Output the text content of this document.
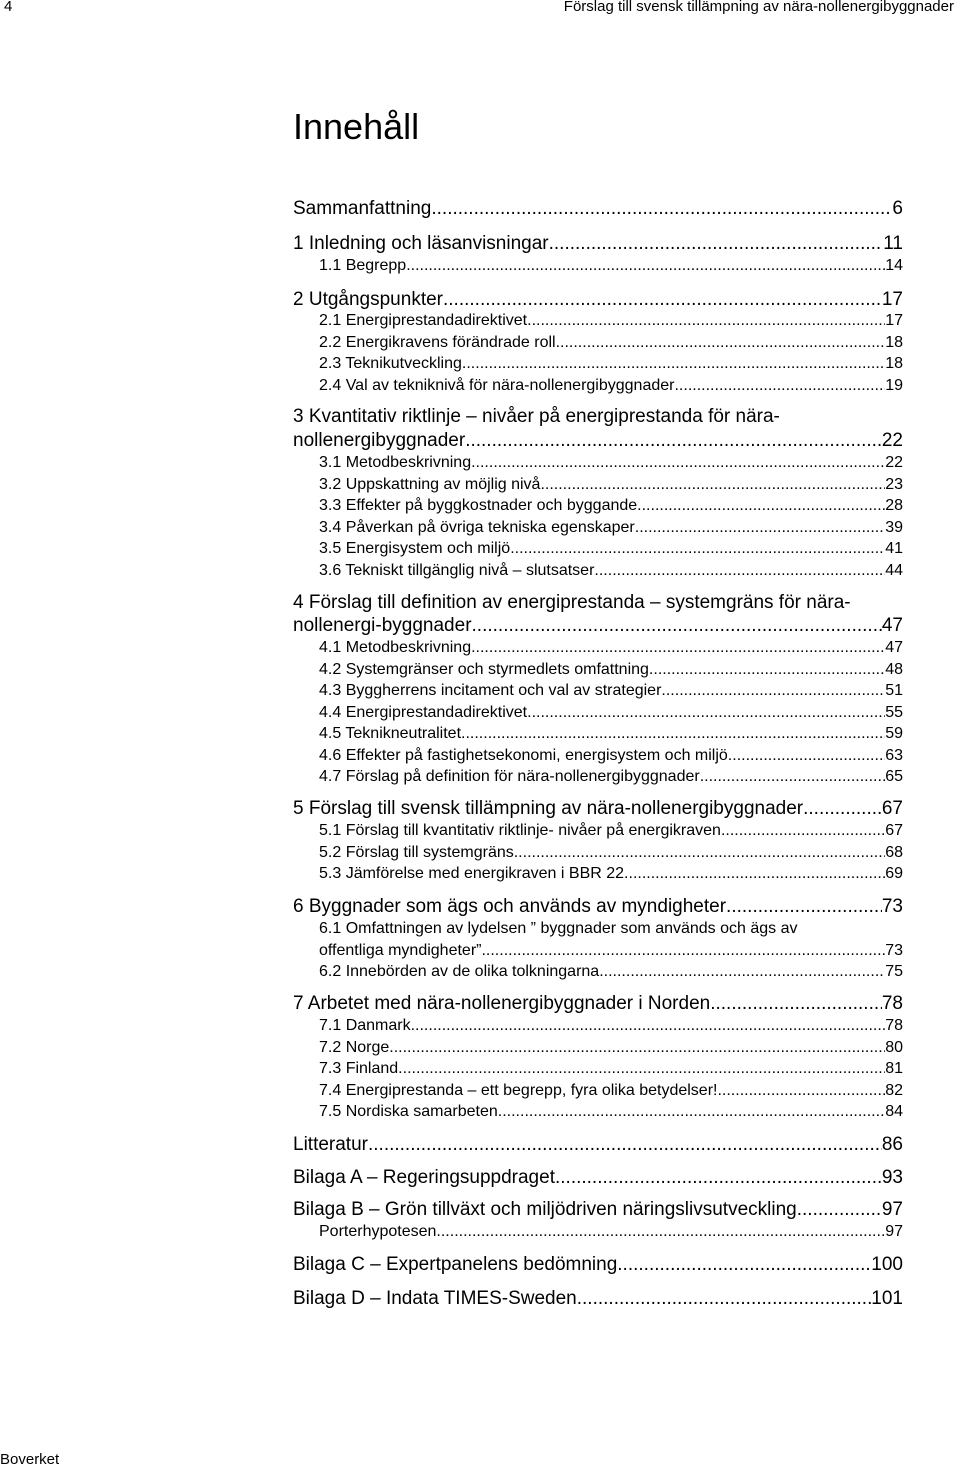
4	Förslag till svensk tillämpning av nära-nollenergibyggnader
Innehåll
Sammanfattning .....	6
1 Inledning och läsanvisningar .....	11
1.1 Begrepp .....	14
2 Utgångspunkter .....	17
2.1 Energiprestandadirektivet .....	17
2.2 Energikravens förändrade roll .....	18
2.3 Teknikutveckling .....	18
2.4 Val av tekniknivå för nära-nollenergibyggnader .....	19
3 Kvantitativ riktlinje – nivåer på energiprestanda för nära-
nollenergibyggnader .....	22
3.1 Metodbeskrivning .....	22
3.2 Uppskattning av möjlig nivå .....	23
3.3 Effekter på byggkostnader och byggande .....	28
3.4 Påverkan på övriga tekniska egenskaper .....	39
3.5 Energisystem och miljö .....	41
3.6 Tekniskt tillgänglig nivå – slutsatser .....	44
4 Förslag till definition av energiprestanda – systemgräns för nära-
nollenergi-byggnader .....	47
4.1 Metodbeskrivning .....	47
4.2 Systemgränser och styrmedlets omfattning .....	48
4.3 Byggherrens incitament och val av strategier .....	51
4.4 Energiprestandadirektivet .....	55
4.5 Teknikneutralitet .....	59
4.6 Effekter på fastighetsekonomi, energisystem och miljö .....	63
4.7 Förslag på definition för nära-nollenergibyggnader .....	65
5 Förslag till svensk tillämpning av nära-nollenergibyggnader .....	67
5.1 Förslag till kvantitativ riktlinje- nivåer på energikraven .....	67
5.2 Förslag till systemgräns .....	68
5.3 Jämförelse med energikraven i BBR 22 .....	69
6 Byggnader som ägs och används av myndigheter .....	73
6.1 Omfattningen av lydelsen ” byggnader som används och ägs av
offentliga myndigheter” .....	73
6.2 Innebörden av de olika tolkningarna .....	75
7 Arbetet med nära-nollenergibyggnader i Norden .....	78
7.1 Danmark .....	78
7.2 Norge .....	80
7.3 Finland .....	81
7.4 Energiprestanda – ett begrepp, fyra olika betydelser! .....	82
7.5 Nordiska samarbeten .....	84
Litteratur .....	86
Bilaga A – Regeringsuppdraget .....	93
Bilaga B – Grön tillväxt och miljödriven näringslivsutveckling .....	97
Porterhypotesen .....	97
Bilaga C – Expertpanelens bedömning .....	100
Bilaga D – Indata TIMES-Sweden .....	101
Boverket
